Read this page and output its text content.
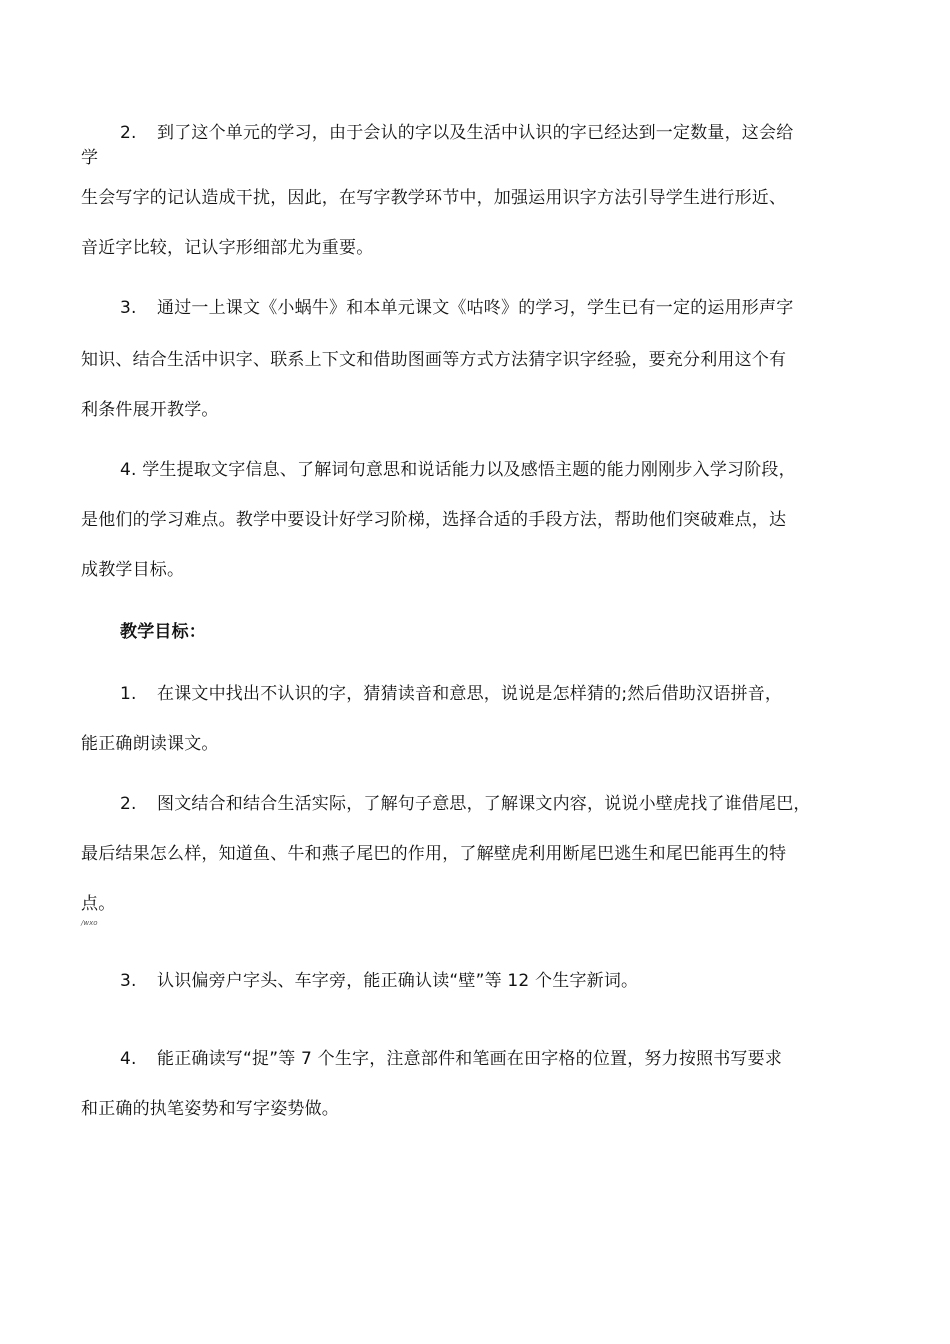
2. 到了这个单元的学习，由于会认的字以及生活中认识的字已经达到一定数量，这会给
学
生会写字的记认造成干扰，因此，在写字教学环节中，加强运用识字方法引导学生进行形近、
音近字比较，记认字形细部尤为重要。
3. 通过一上课文《小蜗牛》和本单元课文《咕咚》的学习，学生已有一定的运用形声字
知识、结合生活中识字、联系上下文和借助图画等方式方法猜字识字经验，要充分利用这个有
利条件展开教学。
4. 学生提取文字信息、了解词句意思和说话能力以及感悟主题的能力刚刚步入学习阶段，
是他们的学习难点。教学中要设计好学习阶梯，选择合适的手段方法，帮助他们突破难点，达
成教学目标。
教学目标：
1. 在课文中找出不认识的字，猜猜读音和意思，说说是怎样猜的;然后借助汉语拼音，
能正确朗读课文。
2. 图文结合和结合生活实际，了解句子意思，了解课文内容，说说小壁虎找了谁借尾巴，
最后结果怎么样，知道鱼、牛和燕子尾巴的作用，了解壁虎利用断尾巴逃生和尾巴能再生的特
点。
/wxo
3. 认识偏旁户字头、车字旁，能正确认读“壁”等 12 个生字新词。
4. 能正确读写“捉”等 7 个生字，注意部件和笔画在田字格的位置，努力按照书写要求
和正确的执笔姿势和写字姿势做。
